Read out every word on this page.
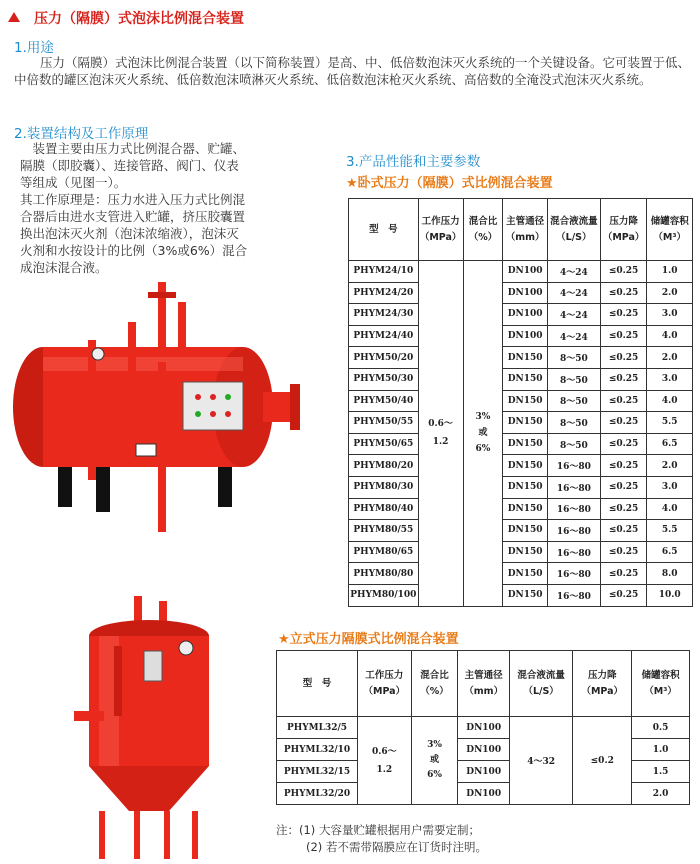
压力（隔膜）式泡沫比例混合装置
1.用途
压力（隔膜）式泡沫比例混合装置（以下简称装置）是高、中、低倍数泡沫灭火系统的一个关键设备。它可装置于低、中倍数的罐区泡沫灭火系统、低倍数泡沫喷淋灭火系统、低倍数泡沫枪灭火系统、高倍数的全淹没式泡沫灭火系统。
2.装置结构及工作原理
　装置主要由压力式比例混合器、贮罐、
隔膜（即胶囊）、连接管路、阀门、仪表
等组成（见图一）。
其工作原理是：压力水进入压力式比例混
合器后由进水支管进入贮罐，挤压胶囊置
换出泡沫灭火剂（泡沫浓缩液），泡沫灭
火剂和水按设计的比例（3%或6%）混合
成泡沫混合液。
3.产品性能和主要参数
★卧式压力（隔膜）式比例混合装置
型　号	工作压力（MPa）	混合比（%）	主管通径（mm）	混合液流量（L/S）	压力降（MPa）	储罐容积（M³）
PHYM24/10	0.6～
1.2	3%
或
6%	DN100	4～24	≤0.25	1.0
PHYM24/20			DN100	4～24	≤0.25	2.0
PHYM24/30			DN100	4～24	≤0.25	3.0
PHYM24/40			DN100	4～24	≤0.25	4.0
PHYM50/20			DN150	8～50	≤0.25	2.0
PHYM50/30			DN150	8～50	≤0.25	3.0
PHYM50/40			DN150	8～50	≤0.25	4.0
PHYM50/55			DN150	8～50	≤0.25	5.5
PHYM50/65			DN150	8～50	≤0.25	6.5
PHYM80/20			DN150	16～80	≤0.25	2.0
PHYM80/30			DN150	16～80	≤0.25	3.0
PHYM80/40			DN150	16～80	≤0.25	4.0
PHYM80/55			DN150	16～80	≤0.25	5.5
PHYM80/65			DN150	16～80	≤0.25	6.5
PHYM80/80			DN150	16～80	≤0.25	8.0
PHYM80/100			DN150	16～80	≤0.25	10.0
★立式压力隔膜式比例混合装置
型　号	工作压力（MPa）	混合比（%）	主管通径（mm）	混合液流量（L/S）	压力降（MPa）	储罐容积（M³）
PHYML32/5	0.6～
1.2	3%
或
6%	DN100	4～32	≤0.2	0.5
PHYML32/10			DN100			1.0
PHYML32/15			DN100			1.5
PHYML32/20			DN100			2.0
注：(1) 大容量贮罐根据用户需要定制；
(2) 若不需带隔膜应在订货时注明。
